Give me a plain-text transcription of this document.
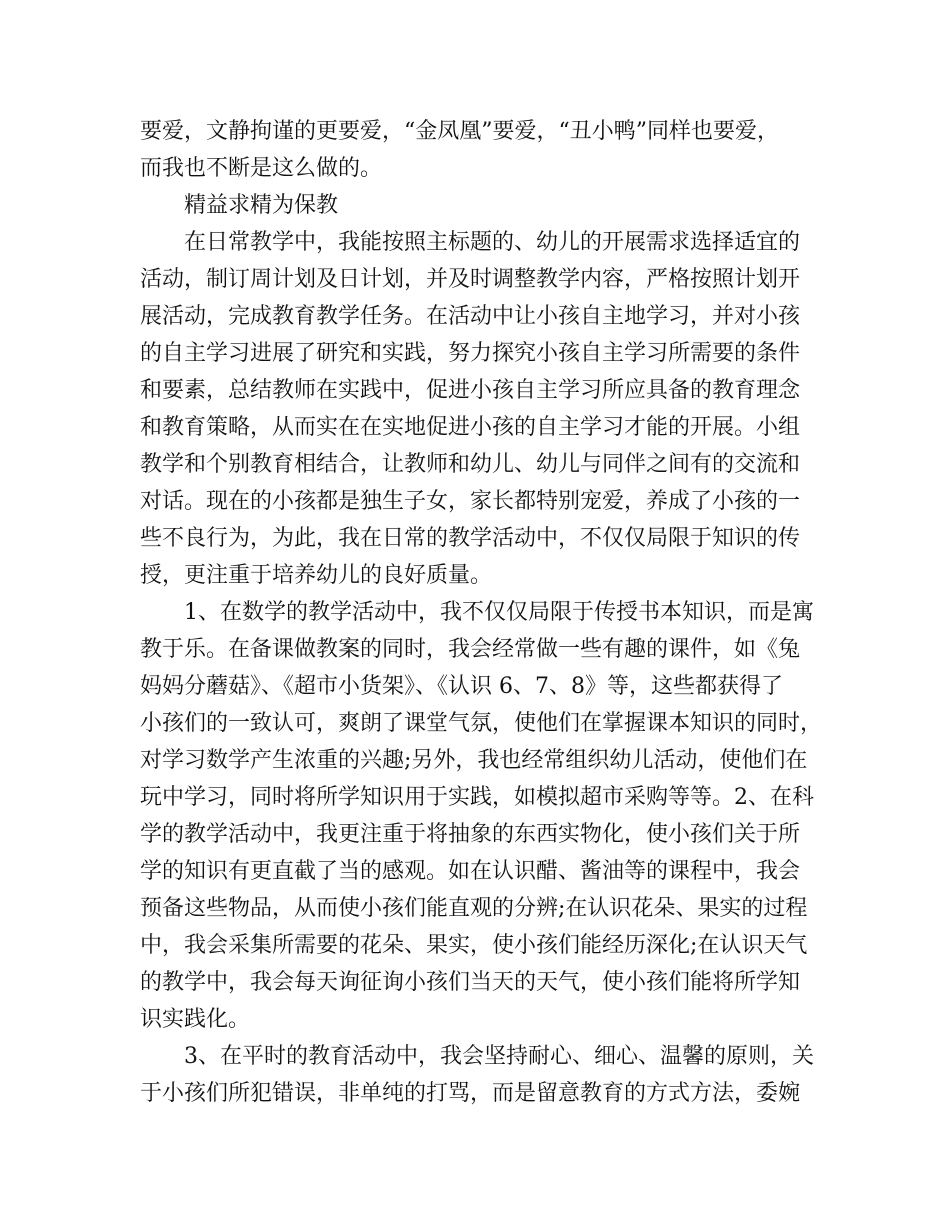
要爱，文静拘谨的更要爱，“金凤凰”要爱，“丑小鸭”同样也要爱，
而我也不断是这么做的。
精益求精为保教
在日常教学中，我能按照主标题的、幼儿的开展需求选择适宜的
活动，制订周计划及日计划，并及时调整教学内容，严格按照计划开
展活动，完成教育教学任务。在活动中让小孩自主地学习，并对小孩
的自主学习进展了研究和实践，努力探究小孩自主学习所需要的条件
和要素，总结教师在实践中，促进小孩自主学习所应具备的教育理念
和教育策略，从而实在在实地促进小孩的自主学习才能的开展。小组
教学和个别教育相结合，让教师和幼儿、幼儿与同伴之间有的交流和
对话。现在的小孩都是独生子女，家长都特别宠爱，养成了小孩的一
些不良行为，为此，我在日常的教学活动中，不仅仅局限于知识的传
授，更注重于培养幼儿的良好质量。
1、在数学的教学活动中，我不仅仅局限于传授书本知识，而是寓
教于乐。在备课做教案的同时，我会经常做一些有趣的课件，如《兔
妈妈分蘑菇》、《超市小货架》、《认识 6、7、8》等，这些都获得了
小孩们的一致认可，爽朗了课堂气氛，使他们在掌握课本知识的同时，
对学习数学产生浓重的兴趣;另外，我也经常组织幼儿活动，使他们在
玩中学习，同时将所学知识用于实践，如模拟超市采购等等。2、在科
学的教学活动中，我更注重于将抽象的东西实物化，使小孩们关于所
学的知识有更直截了当的感观。如在认识醋、酱油等的课程中，我会
预备这些物品，从而使小孩们能直观的分辨;在认识花朵、果实的过程
中，我会采集所需要的花朵、果实，使小孩们能经历深化;在认识天气
的教学中，我会每天询征询小孩们当天的天气，使小孩们能将所学知
识实践化。
3、在平时的教育活动中，我会坚持耐心、细心、温馨的原则，关
于小孩们所犯错误，非单纯的打骂，而是留意教育的方式方法，委婉
